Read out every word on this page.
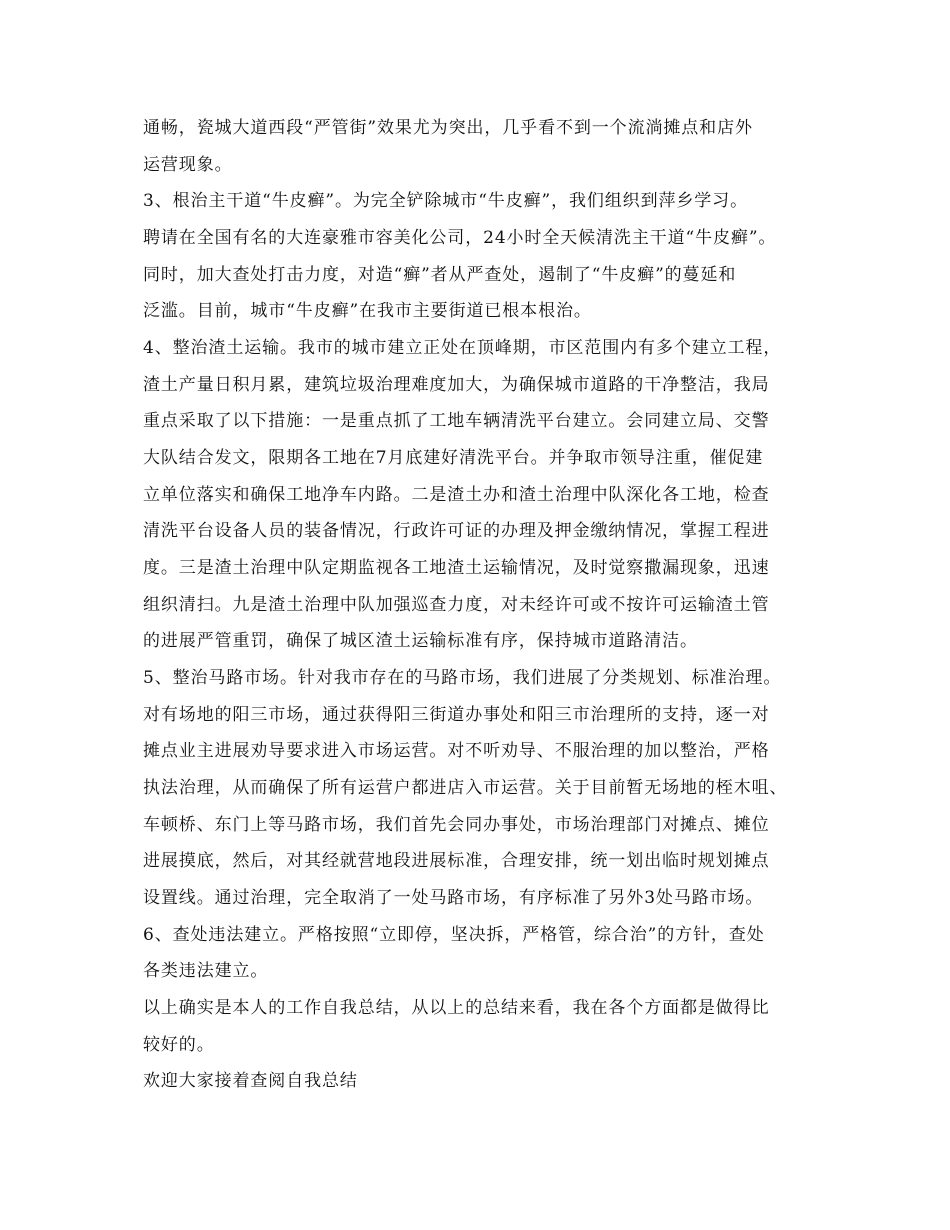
通畅，瓷城大道西段“严管街”效果尤为突出，几乎看不到一个流淌摊点和店外
运营现象。
3、根治主干道“牛皮癣”。为完全铲除城市“牛皮癣”，我们组织到萍乡学习。
聘请在全国有名的大连豪雅市容美化公司，24小时全天候清洗主干道“牛皮癣”。
同时，加大查处打击力度，对造“癣”者从严查处，遏制了“牛皮癣”的蔓延和
泛滥。目前，城市“牛皮癣”在我市主要街道已根本根治。
4、整治渣土运输。我市的城市建立正处在顶峰期，市区范围内有多个建立工程，
渣土产量日积月累，建筑垃圾治理难度加大，为确保城市道路的干净整洁，我局
重点采取了以下措施：一是重点抓了工地车辆清洗平台建立。会同建立局、交警
大队结合发文，限期各工地在7月底建好清洗平台。并争取市领导注重，催促建
立单位落实和确保工地净车内路。二是渣土办和渣土治理中队深化各工地，检查
清洗平台设备人员的装备情况，行政许可证的办理及押金缴纳情况，掌握工程进
度。三是渣土治理中队定期监视各工地渣土运输情况，及时觉察撒漏现象，迅速
组织清扫。九是渣土治理中队加强巡查力度，对未经许可或不按许可运输渣土管
的进展严管重罚，确保了城区渣土运输标准有序，保持城市道路清洁。
5、整治马路市场。针对我市存在的马路市场，我们进展了分类规划、标准治理。
对有场地的阳三市场，通过获得阳三街道办事处和阳三市治理所的支持，逐一对
摊点业主进展劝导要求进入市场运营。对不听劝导、不服治理的加以整治，严格
执法治理，从而确保了所有运营户都进店入市运营。关于目前暂无场地的桎木咀、
车顿桥、东门上等马路市场，我们首先会同办事处，市场治理部门对摊点、摊位
进展摸底，然后，对其经就营地段进展标准，合理安排，统一划出临时规划摊点
设置线。通过治理，完全取消了一处马路市场，有序标准了另外3处马路市场。
6、查处违法建立。严格按照“立即停，坚决拆，严格管，综合治”的方针，查处
各类违法建立。
以上确实是本人的工作自我总结，从以上的总结来看，我在各个方面都是做得比
较好的。
欢迎大家接着查阅自我总结
